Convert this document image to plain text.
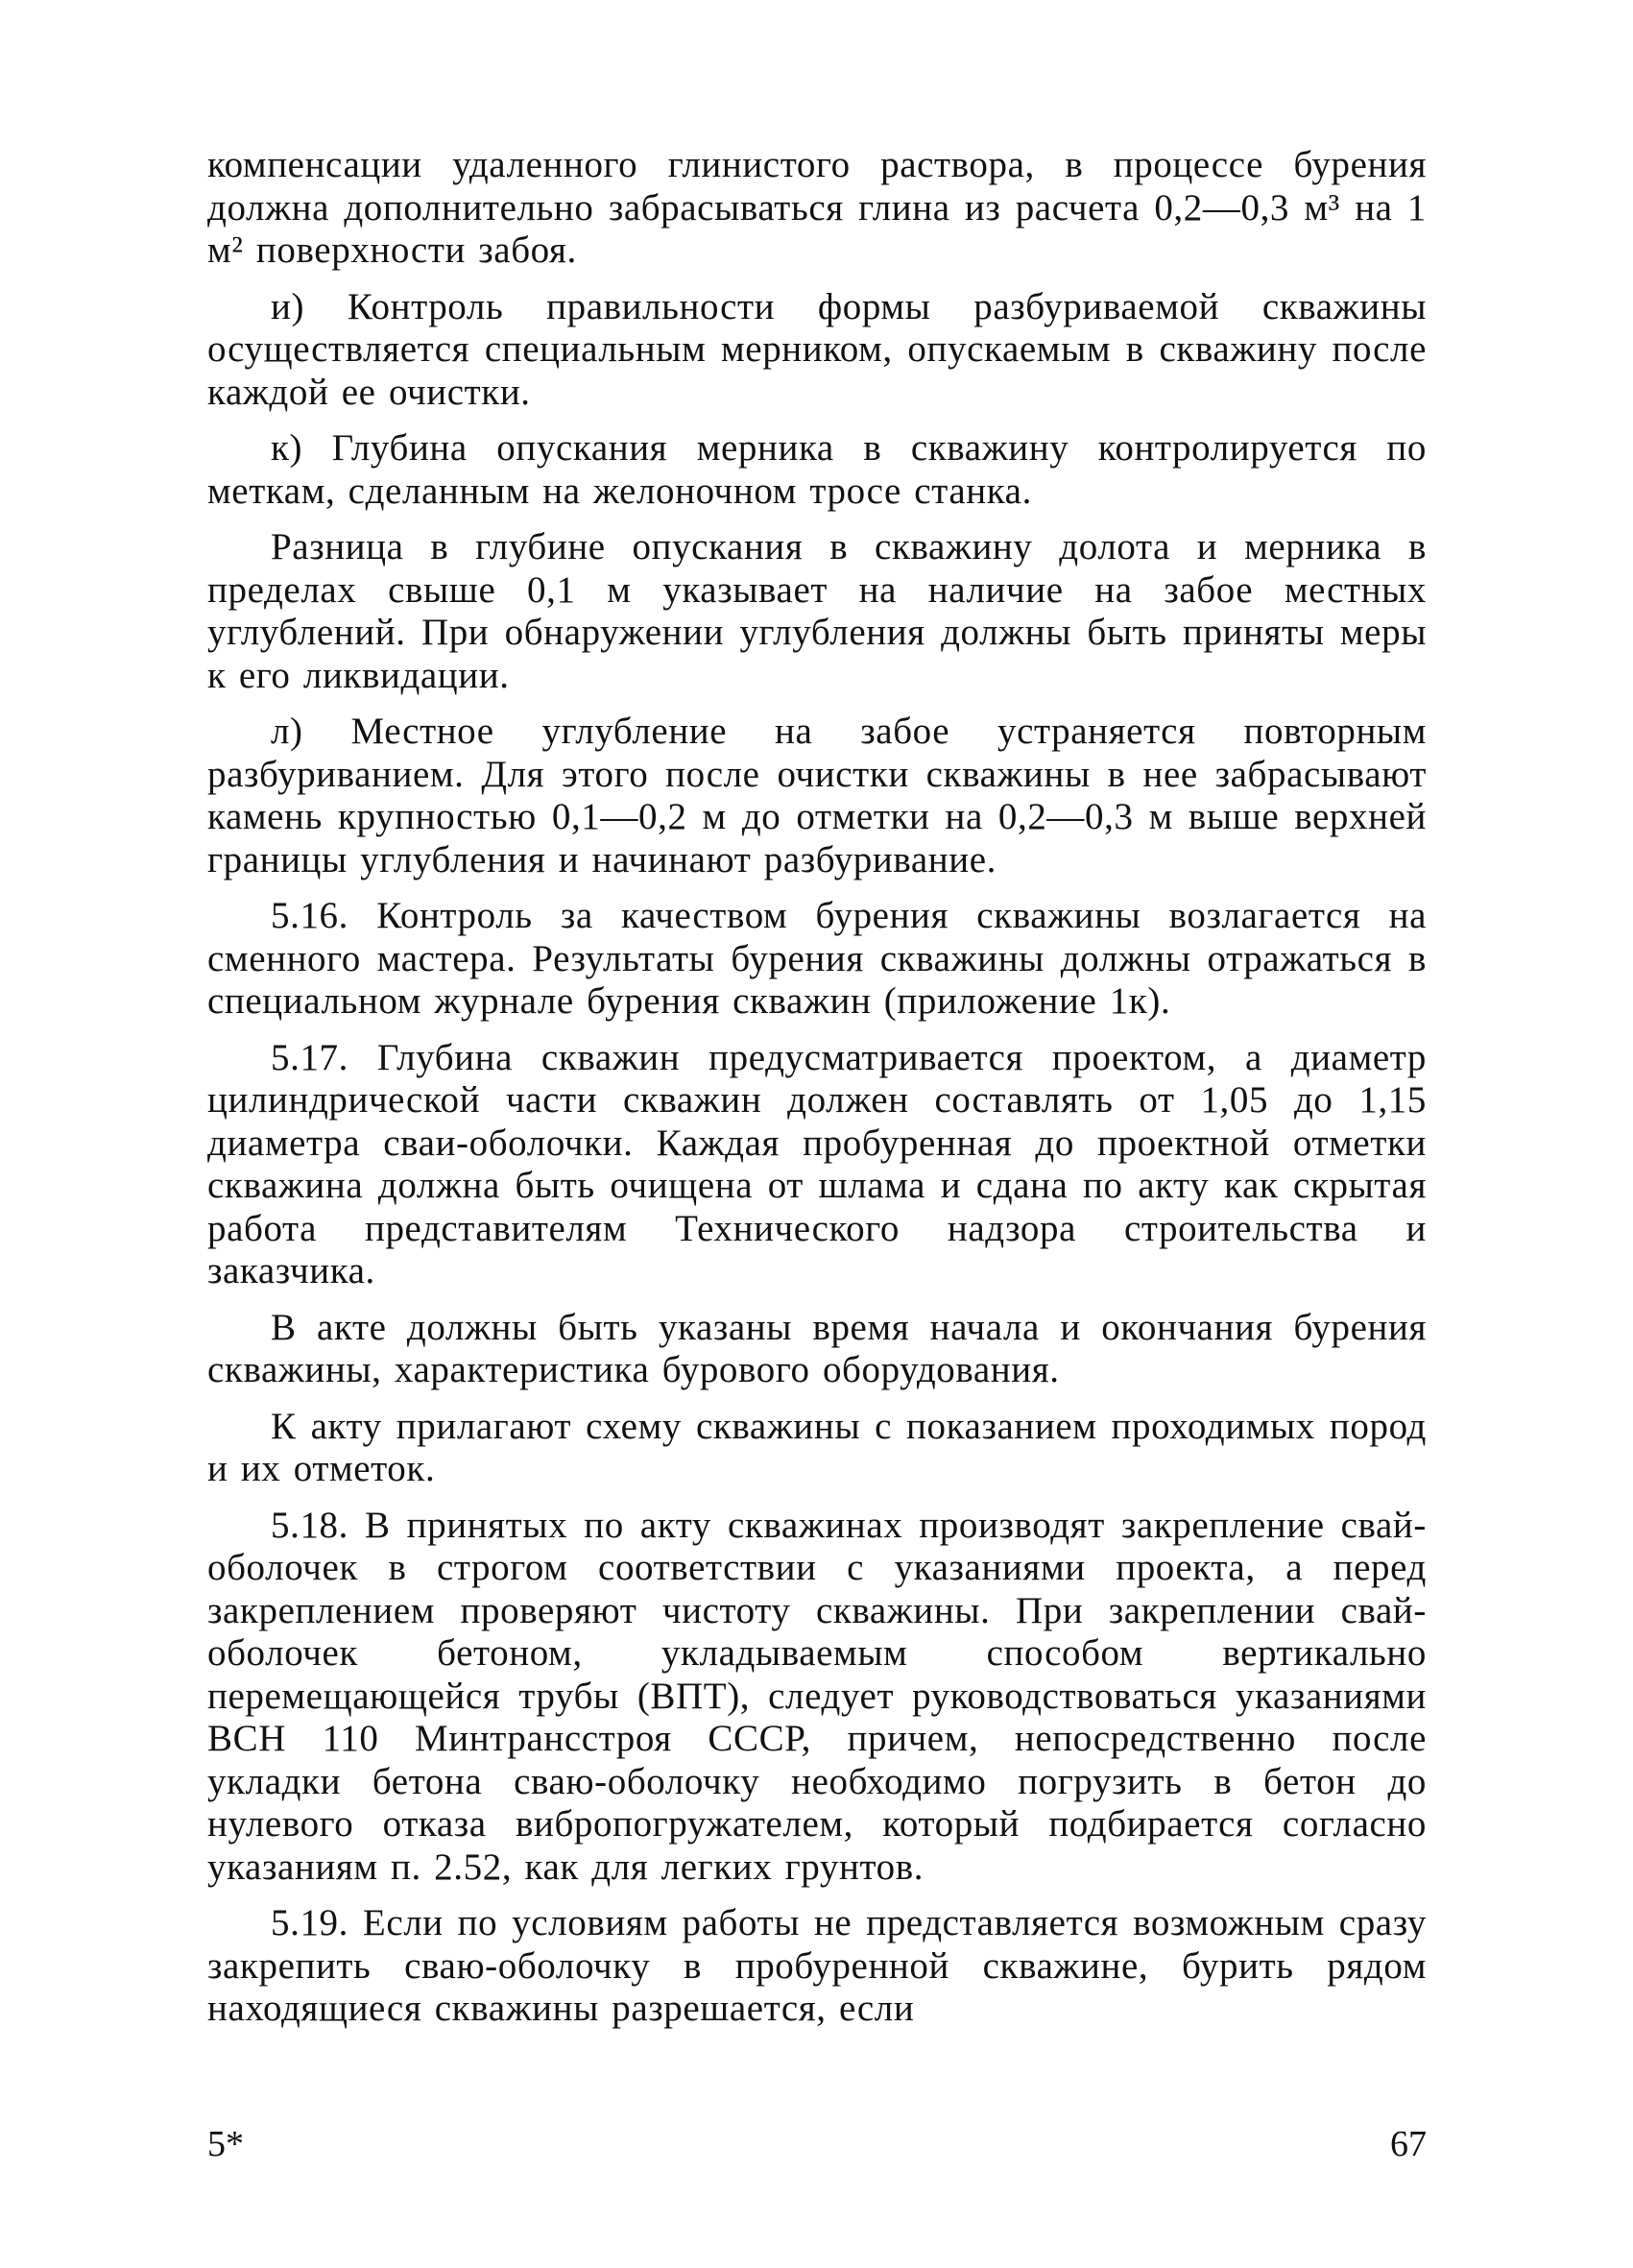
компенсации удаленного глинистого раствора, в процессе бурения должна дополнительно забрасываться глина из расчета 0,2—0,3 м³ на 1 м² поверхности забоя.

и) Контроль правильности формы разбуриваемой скважины осуществляется специальным мерником, опускаемым в скважину после каждой ее очистки.

к) Глубина опускания мерника в скважину контролируется по меткам, сделанным на желоночном тросе станка.

Разница в глубине опускания в скважину долота и мерника в пределах свыше 0,1 м указывает на наличие на забое местных углублений. При обнаружении углубления должны быть приняты меры к его ликвидации.

л) Местное углубление на забое устраняется повторным разбуриванием. Для этого после очистки скважины в нее забрасывают камень крупностью 0,1—0,2 м до отметки на 0,2—0,3 м выше верхней границы углубления и начинают разбуривание.

5.16. Контроль за качеством бурения скважины возлагается на сменного мастера. Результаты бурения скважины должны отражаться в специальном журнале бурения скважин (приложение 1к).

5.17. Глубина скважин предусматривается проектом, а диаметр цилиндрической части скважин должен составлять от 1,05 до 1,15 диаметра сваи-оболочки. Каждая пробуренная до проектной отметки скважина должна быть очищена от шлама и сдана по акту как скрытая работа представителям Технического надзора строительства и заказчика.

В акте должны быть указаны время начала и окончания бурения скважины, характеристика бурового оборудования.

К акту прилагают схему скважины с показанием проходимых пород и их отметок.

5.18. В принятых по акту скважинах производят закрепление свай-оболочек в строгом соответствии с указаниями проекта, а перед закреплением проверяют чистоту скважины. При закреплении свай-оболочек бетоном, укладываемым способом вертикально перемещающейся трубы (ВПТ), следует руководствоваться указаниями ВСН 110 Минтрансстроя СССР, причем, непосредственно после укладки бетона сваю-оболочку необходимо погрузить в бетон до нулевого отказа вибропогружателем, который подбирается согласно указаниям п. 2.52, как для легких грунтов.

5.19. Если по условиям работы не представляется возможным сразу закрепить сваю-оболочку в пробуренной скважине, бурить рядом находящиеся скважины разрешается, если

5*	67
